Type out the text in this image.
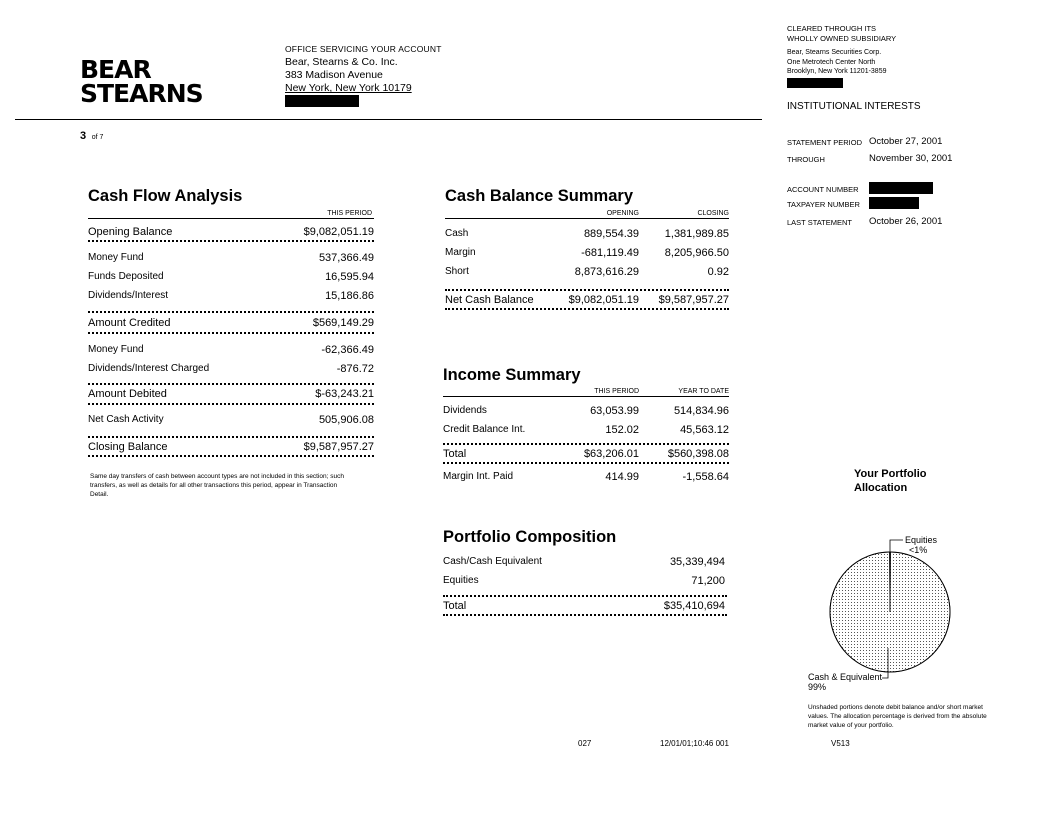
BEAR
STEARNS
OFFICE SERVICING YOUR ACCOUNT
Bear, Stearns & Co. Inc.
383 Madison Avenue
New York, New York 10179
CLEARED THROUGH ITS
WHOLLY OWNED SUBSIDIARY
Bear, Stearns Securities Corp.
One Metrotech Center North
Brooklyn, New York 11201-3859
INSTITUTIONAL INTERESTS
3 of 7
STATEMENT PERIOD October 27, 2001
THROUGH	November 30, 2001
ACCOUNT NUMBER
TAXPAYER NUMBER
LAST STATEMENT October 26, 2001
Cash Flow Analysis
THIS PERIOD
Opening Balance	$9,082,051.19
Money Fund	537,366.49
Funds Deposited	16,595.94
Dividends/Interest	15,186.86
Amount Credited	$569,149.29
Money Fund	-62,366.49
Dividends/Interest Charged	-876.72
Amount Debited	$-63,243.21
Net Cash Activity	505,906.08
Closing Balance	$9,587,957.27
Same day transfers of cash between account types are not included in this section; such transfers, as well as details for all other transactions this period, appear in Transaction Detail.
Cash Balance Summary
OPENING	CLOSING
Cash	889,554.39	1,381,989.85
Margin	-681,119.49	8,205,966.50
Short	8,873,616.29	0.92
Net Cash Balance	$9,082,051.19	$9,587,957.27
Income Summary
THIS PERIOD	YEAR TO DATE
Dividends	63,053.99	514,834.96
Credit Balance Int.	152.02	45,563.12
Total	$63,206.01	$560,398.08
Margin Int. Paid	414.99	-1,558.64
Portfolio Composition
Cash/Cash Equivalent	35,339,494
Equities	71,200
Total	$35,410,694
Your Portfolio
Allocation
Equities
<1%
Cash & Equivalent
99%
Unshaded portions denote debit balance and/or short market values. The allocation percentage is derived from the absolute market value of your portfolio.
027	12/01/01;10:46 001	V513
